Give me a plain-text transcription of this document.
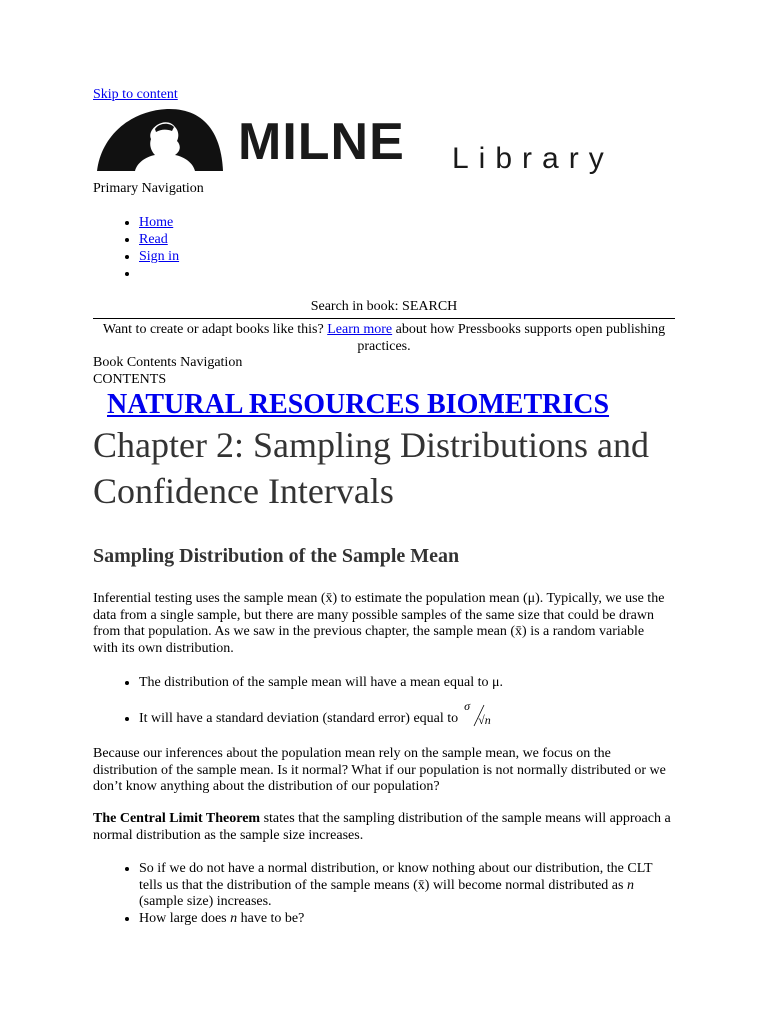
Skip to content
MILNE Library
Primary Navigation
• Home
• Read
• Sign in
•
Search in book: SEARCH
Want to create or adapt books like this? Learn more about how Pressbooks supports open publishing practices.
Book Contents Navigation
CONTENTS
NATURAL RESOURCES BIOMETRICS
Chapter 2: Sampling Distributions and Confidence Intervals
Sampling Distribution of the Sample Mean

Inferential testing uses the sample mean (x̄) to estimate the population mean (μ). Typically, we use the data from a single sample, but there are many possible samples of the same size that could be drawn from that population. As we saw in the previous chapter, the sample mean (x̄) is a random variable with its own distribution.

• The distribution of the sample mean will have a mean equal to μ.
• It will have a standard deviation (standard error) equal to
σ
√n

Because our inferences about the population mean rely on the sample mean, we focus on the distribution of the sample mean. Is it normal? What if our population is not normally distributed or we don’t know anything about the distribution of our population?

The Central Limit Theorem states that the sampling distribution of the sample means will approach a normal distribution as the sample size increases.

• So if we do not have a normal distribution, or know nothing about our distribution, the CLT tells us that the distribution of the sample means (x̄) will become normal distributed as n (sample size) increases.
• How large does n have to be?
